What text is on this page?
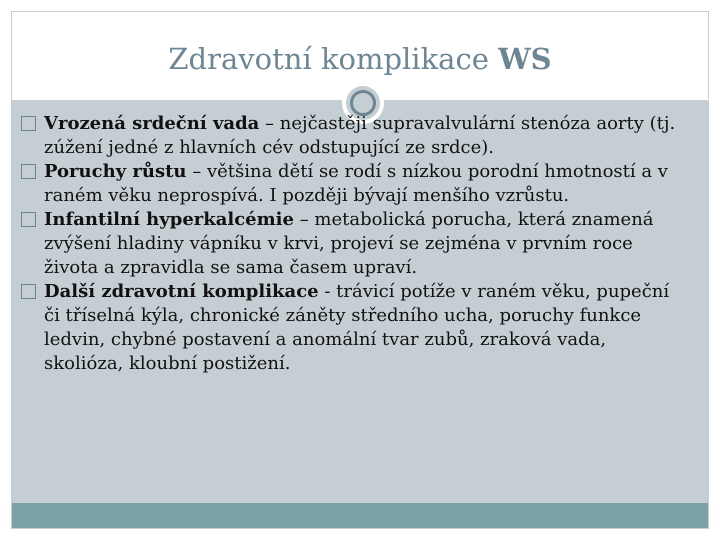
Zdravotní komplikace WS
Vrozená srdeční vada – nejčastěji supravalvulární stenóza aorty (tj. zúžení jedné z hlavních cév odstupující ze srdce).
Poruchy růstu – většina dětí se rodí s nízkou porodní hmotností a v raném věku neprospívá. I později bývají menšího vzrůstu.
Infantilní hyperkalcémie – metabolická porucha, která znamená zvýšení hladiny vápníku v krvi, projeví se zejména v prvním roce života a zpravidla se sama časem upraví.
Další zdravotní komplikace - trávicí potíže v raném věku, pupeční či tříselná kýla, chronické záněty středního ucha, poruchy funkce ledvin, chybné postavení a anomální tvar zubů, zraková vada, skolióza, kloubní postižení.
